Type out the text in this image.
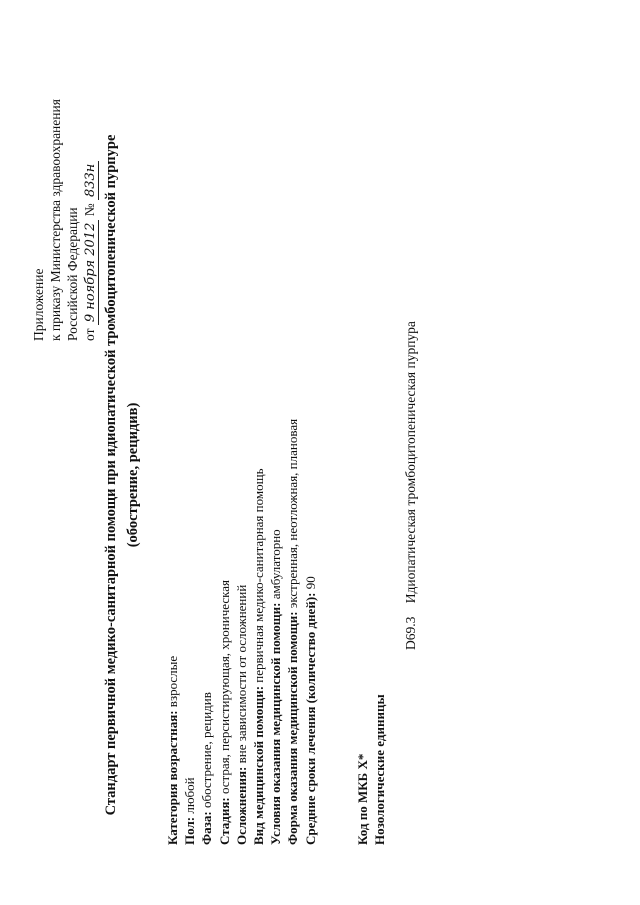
Приложение к приказу Министерства здравоохранения Российской Федерации от 9 ноября 2012 № 833н Стандарт первичной медико-санитарной помощи при идиопатической тромбоцитопенической пурпуре (обострение, рецидив)
Категория возрастная: взрослые
Пол: любой
Фаза: обострение, рецидив
Стадия: острая, персистирующая, хроническая
Осложнения: вне зависимости от осложнений Вид медицинской помощи: первичная медико-санитарная помощь
Условия оказания медицинской помощи: амбулаторно
Форма оказания медицинской помощи: экстренная, неотложная, плановая
Средние сроки лечения (количество дней): 90
Код по МКБ X* Нозологические единицы
D69.3 Идиопатическая тромбоцитопеническая пурпура
